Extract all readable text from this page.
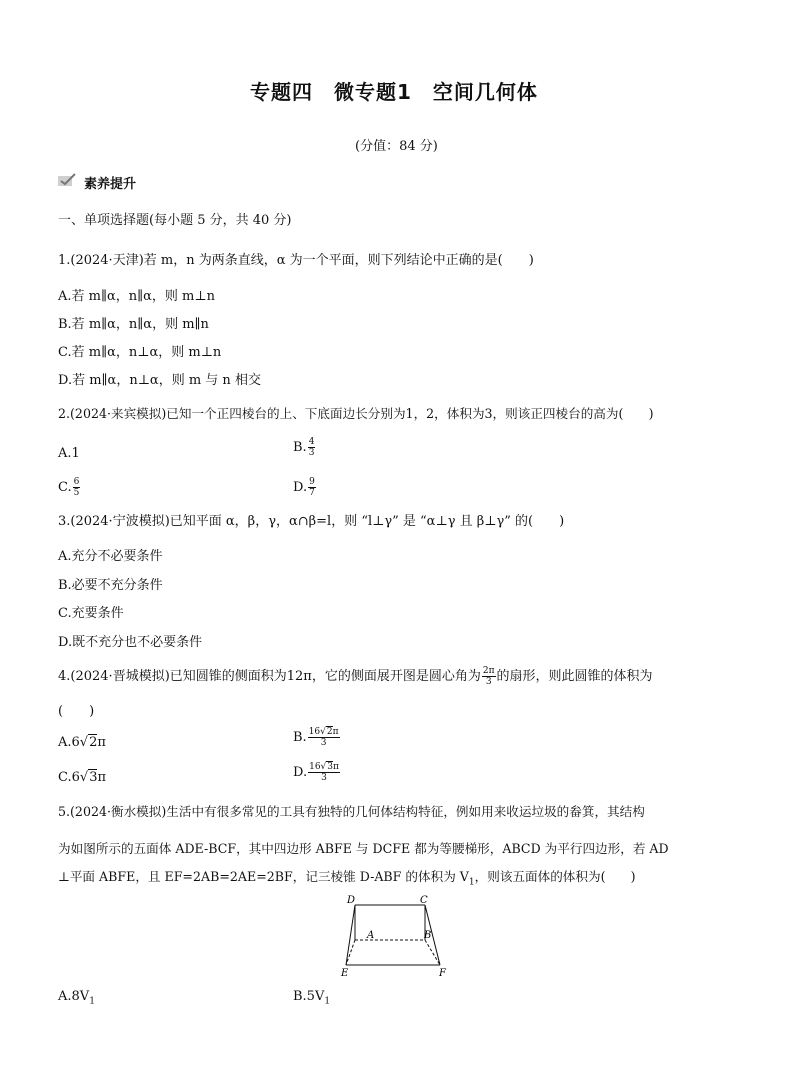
专题四　微专题1　空间几何体
(分值：84 分)
素养提升
一、单项选择题(每小题 5 分，共 40 分)
1.(2024·天津)若 m，n 为两条直线，α 为一个平面，则下列结论中正确的是(　　)
A.若 m∥α，n∥α，则 m⊥n
B.若 m∥α，n∥α，则 m∥n
C.若 m∥α，n⊥α，则 m⊥n
D.若 m∥α，n⊥α，则 m 与 n 相交
2.(2024·来宾模拟)已知一个正四棱台的上、下底面边长分别为1，2，体积为3，则该正四棱台的高为(　　)
A.1	B. $\frac{4}{3}$
C. $\frac{6}{5}$	D. $\frac{9}{7}$
3.(2024·宁波模拟)已知平面 α，β，γ，α∩β=l，则 “l⊥γ” 是 “α⊥γ 且 β⊥γ” 的(　　)
A.充分不必要条件
B.必要不充分条件
C.充要条件
D.既不充分也不必要条件
4.(2024·晋城模拟)已知圆锥的侧面积为12π，它的侧面展开图是圆心角为 $\frac{2\pi}{3}$ 的扇形，则此圆锥的体积为
(　　)
A.6√2π	B. $\frac{16√2\pi}{3}$
C.6√3π	D. $\frac{16√3\pi}{3}$
5.(2024·衡水模拟)生活中有很多常见的工具有独特的几何体结构特征，例如用来收运垃圾的畚箕，其结构
为如图所示的五面体 ADE-BCF，其中四边形 ABFE 与 DCFE 都为等腰梯形，ABCD 为平行四边形，若 AD
⊥平面 ABFE，且 EF=2AB=2AE=2BF，记三棱锥 D-ABF 的体积为 $V_1$，则该五面体的体积为(　　)
D	C
A	B
E	F
$A.8V_1$	$B.5V_1$
